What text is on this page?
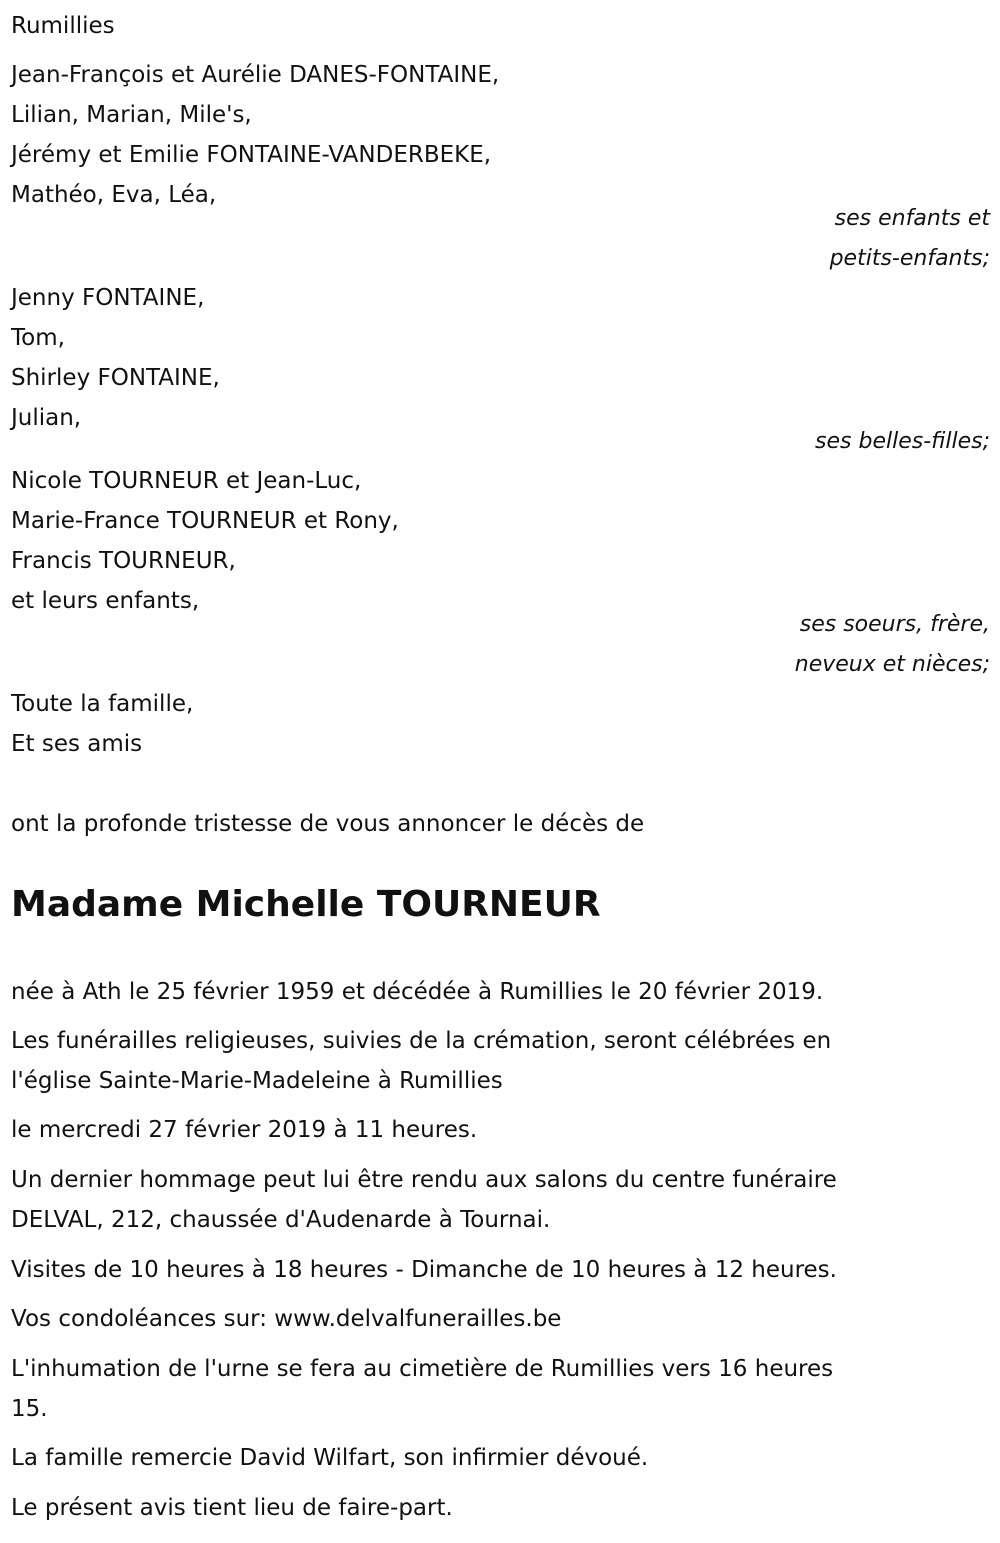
Rumillies
Jean-François et Aurélie DANES-FONTAINE,
Lilian, Marian, Mile's,
Jérémy et Emilie FONTAINE-VANDERBEKE,
Mathéo, Eva, Léa,
ses enfants et
petits-enfants;
Jenny FONTAINE,
Tom,
Shirley FONTAINE,
Julian,
ses belles-filles;
Nicole TOURNEUR et Jean-Luc,
Marie-France TOURNEUR et Rony,
Francis TOURNEUR,
et leurs enfants,
ses soeurs, frère,
neveux et nièces;
Toute la famille,
Et ses amis
ont la profonde tristesse de vous annoncer le décès de
Madame Michelle TOURNEUR
née à Ath le 25 février 1959 et décédée à Rumillies le 20 février 2019.
Les funérailles religieuses, suivies de la crémation, seront célébrées en
l'église Sainte-Marie-Madeleine à Rumillies
le mercredi 27 février 2019 à 11 heures.
Un dernier hommage peut lui être rendu aux salons du centre funéraire
DELVAL, 212, chaussée d'Audenarde à Tournai.
Visites de 10 heures à 18 heures - Dimanche de 10 heures à 12 heures.
Vos condoléances sur: www.delvalfunerailles.be
L'inhumation de l'urne se fera au cimetière de Rumillies vers 16 heures
15.
La famille remercie David Wilfart, son infirmier dévoué.
Le présent avis tient lieu de faire-part.
